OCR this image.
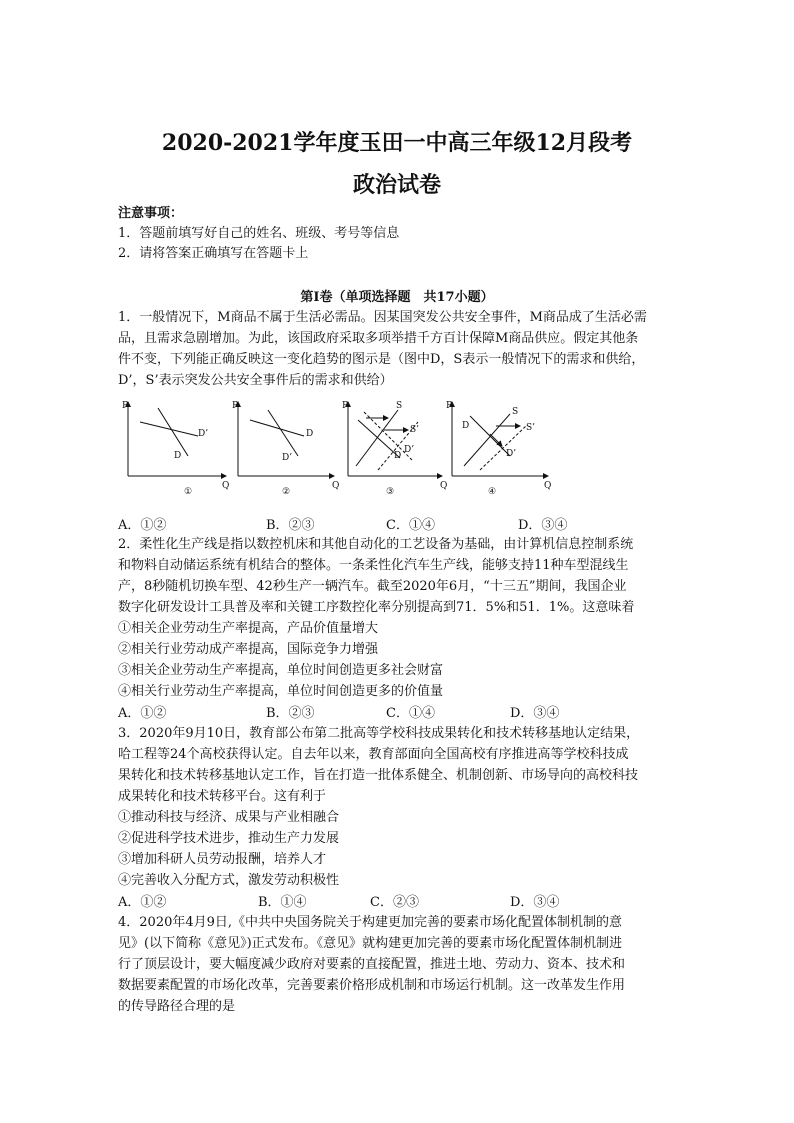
2020-2021学年度玉田一中高三年级12月段考
政治试卷
注意事项：
1．答题前填写好自己的姓名、班级、考号等信息
2．请将答案正确填写在答题卡上
第I卷（单项选择题　共17小题）
1．一般情况下，M商品不属于生活必需品。因某国突发公共安全事件，M商品成了生活必需
品，且需求急剧增加。为此，该国政府采取多项举措千方百计保障M商品供应。假定其他条
件不变，下列能正确反映这一变化趋势的图示是（图中D，S表示一般情况下的需求和供给，
D’，S’表示突发公共安全事件后的需求和供给）
P
Q
D’
D
①
P
Q
D
D’
②
P
Q
S
S’
D
D’
③
P
Q
S
S’
D
D’
④
A．①②	B．②③	C．①④	D．③④
2．柔性化生产线是指以数控机床和其他自动化的工艺设备为基础，由计算机信息控制系统
和物料自动储运系统有机结合的整体。一条柔性化汽车生产线，能够支持11种车型混线生
产，8秒随机切换车型、42秒生产一辆汽车。截至2020年6月，“十三五”期间，我国企业
数字化研发设计工具普及率和关键工序数控化率分别提高到71．5%和51．1%。这意味着
①相关企业劳动生产率提高，产品价值量增大
②相关行业劳动成产率提高，国际竞争力增强
③相关企业劳动生产率提高，单位时间创造更多社会财富
④相关行业劳动生产率提高，单位时间创造更多的价值量
A．①②	B．②③	C．①④	D．③④
3．2020年9月10日，教育部公布第二批高等学校科技成果转化和技术转移基地认定结果，
哈工程等24个高校获得认定。自去年以来，教育部面向全国高校有序推进高等学校科技成
果转化和技术转移基地认定工作，旨在打造一批体系健全、机制创新、市场导向的高校科技
成果转化和技术转移平台。这有利于
①推动科技与经济、成果与产业相融合
②促进科学技术进步，推动生产力发展
③增加科研人员劳动报酬，培养人才
④完善收入分配方式，激发劳动积极性
A．①②	B．①④	C．②③	D．③④
4．2020年4月9日,《中共中央国务院关于构建更加完善的要素市场化配置体制机制的意
见》(以下简称《意见》)正式发布。《意见》就构建更加完善的要素市场化配置体制机制进
行了顶层设计，要大幅度减少政府对要素的直接配置，推进土地、劳动力、资本、技术和
数据要素配置的市场化改革，完善要素价格形成机制和市场运行机制。这一改革发生作用
的传导路径合理的是
